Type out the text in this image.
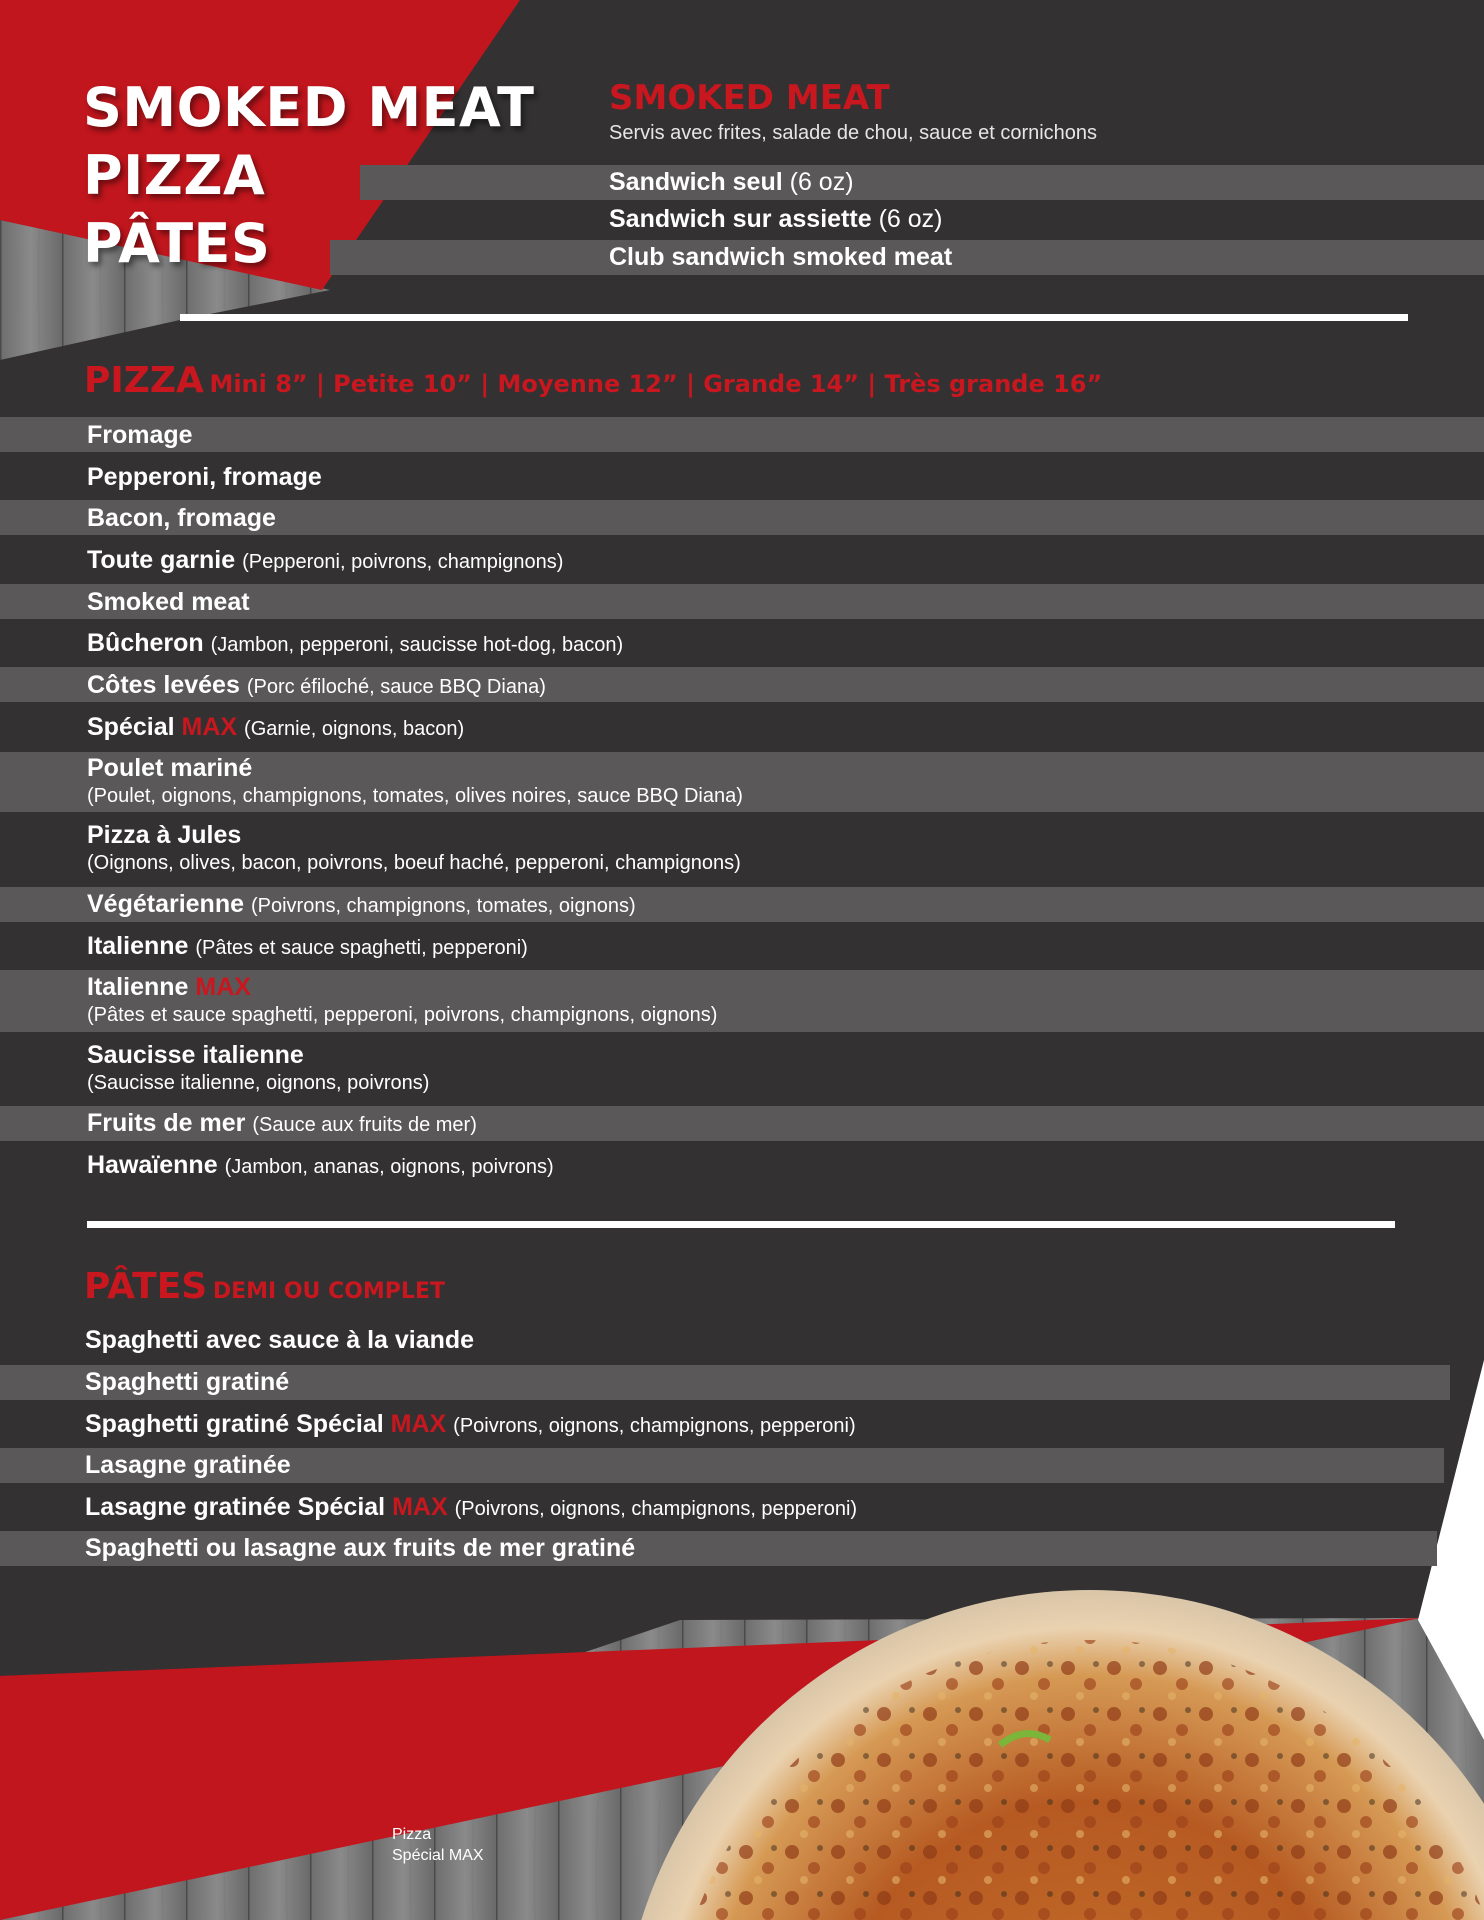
SMOKED MEAT
PIZZA
PÂTES
SMOKED MEAT
Servis avec frites, salade de chou, sauce et cornichons
Sandwich seul (6 oz)
Sandwich sur assiette (6 oz)
Club sandwich smoked meat
PIZZA Mini 8” | Petite 10” | Moyenne 12” | Grande 14” | Très grande 16”
Fromage
Pepperoni, fromage
Bacon, fromage
Toute garnie (Pepperoni, poivrons, champignons)
Smoked meat
Bûcheron (Jambon, pepperoni, saucisse hot-dog, bacon)
Côtes levées (Porc éfiloché, sauce BBQ Diana)
Spécial MAX (Garnie, oignons, bacon)
Poulet mariné
(Poulet, oignons, champignons, tomates, olives noires, sauce BBQ Diana)
Pizza à Jules
(Oignons, olives, bacon, poivrons, boeuf haché, pepperoni, champignons)
Végétarienne (Poivrons, champignons, tomates, oignons)
Italienne (Pâtes et sauce spaghetti, pepperoni)
Italienne MAX
(Pâtes et sauce spaghetti, pepperoni, poivrons, champignons, oignons)
Saucisse italienne
(Saucisse italienne, oignons, poivrons)
Fruits de mer (Sauce aux fruits de mer)
Hawaïenne (Jambon, ananas, oignons, poivrons)
PÂTES DEMI OU COMPLET
Spaghetti avec sauce à la viande
Spaghetti gratiné
Spaghetti gratiné Spécial MAX (Poivrons, oignons, champignons, pepperoni)
Lasagne gratinée
Lasagne gratinée Spécial MAX (Poivrons, oignons, champignons, pepperoni)
Spaghetti ou lasagne aux fruits de mer gratiné
Pizza
Spécial MAX
